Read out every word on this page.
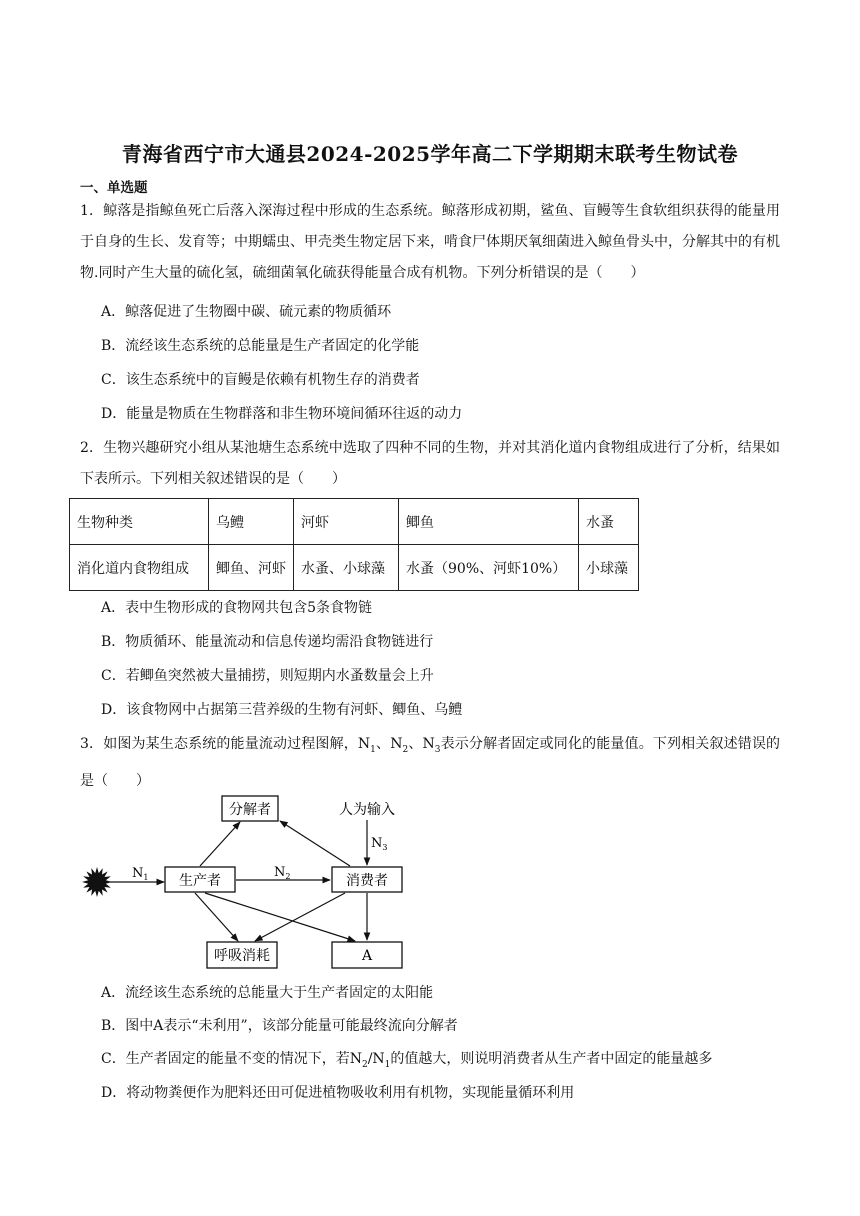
青海省西宁市大通县2024-2025学年高二下学期期末联考生物试卷
一、单选题
1．鲸落是指鲸鱼死亡后落入深海过程中形成的生态系统。鲸落形成初期，鲨鱼、盲鳗等生食软组织获得的能量用于自身的生长、发育等；中期蠕虫、甲壳类生物定居下来，啃食尸体期厌氧细菌进入鲸鱼骨头中，分解其中的有机物.同时产生大量的硫化氢，硫细菌氧化硫获得能量合成有机物。下列分析错误的是（　　）
A．鲸落促进了生物圈中碳、硫元素的物质循环
B．流经该生态系统的总能量是生产者固定的化学能
C．该生态系统中的盲鳗是依赖有机物生存的消费者
D．能量是物质在生物群落和非生物环境间循环往返的动力
2．生物兴趣研究小组从某池塘生态系统中选取了四种不同的生物，并对其消化道内食物组成进行了分析，结果如下表所示。下列相关叙述错误的是（　　）
生物种类	乌鳢	河虾	鲫鱼	水蚤
消化道内食物组成	鲫鱼、河虾	水蚤、小球藻	水蚤（90%、河虾10%）	小球藻
A．表中生物形成的食物网共包含5条食物链
B．物质循环、能量流动和信息传递均需沿食物链进行
C．若鲫鱼突然被大量捕捞，则短期内水蚤数量会上升
D．该食物网中占据第三营养级的生物有河虾、鲫鱼、乌鳢
3．如图为某生态系统的能量流动过程图解，$N_1$、$N_2$、$N_3$表示分解者固定或同化的能量值。下列相关叙述错误的是（　　）
分解者	人为输入
生产者	消费者
呼吸消耗	A
$N_1$	$N_2$
$N_3$
A．流经该生态系统的总能量大于生产者固定的太阳能
B．图中A表示“未利用”，该部分能量可能最终流向分解者
C．生产者固定的能量不变的情况下，若$N_2/N_1$的值越大，则说明消费者从生产者中固定的能量越多
D．将动物粪便作为肥料还田可促进植物吸收利用有机物，实现能量循环利用
